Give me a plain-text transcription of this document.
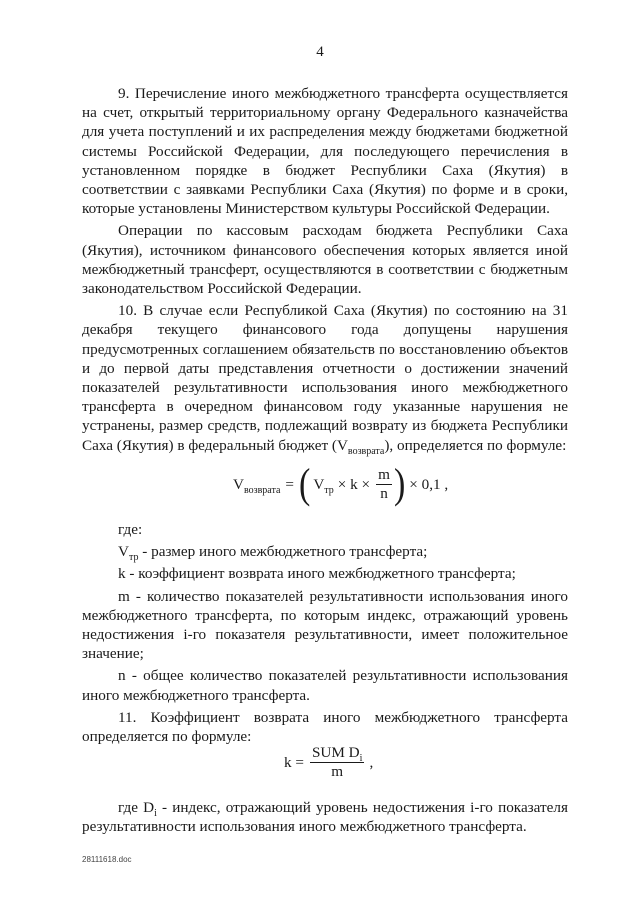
4

9. Перечисление иного межбюджетного трансферта осуществляется на счет, открытый территориальному органу Федерального казначейства для учета поступлений и их распределения между бюджетами бюджетной системы Российской Федерации, для последующего перечисления в установленном порядке в бюджет Республики Саха (Якутия) в соответствии с заявками Республики Саха (Якутия) по форме и в сроки, которые установлены Министерством культуры Российской Федерации.

Операции по кассовым расходам бюджета Республики Саха (Якутия), источником финансового обеспечения которых является иной межбюджетный трансферт, осуществляются в соответствии с бюджетным законодательством Российской Федерации.

10. В случае если Республикой Саха (Якутия) по состоянию на 31 декабря текущего финансового года допущены нарушения предусмотренных соглашением обязательств по восстановлению объектов и до первой даты представления отчетности о достижении значений показателей результативности использования иного межбюджетного трансферта в очередном финансовом году указанные нарушения не устранены, размер средств, подлежащий возврату из бюджета Республики Саха (Якутия) в федеральный бюджет $(V_{возврата})$, определяется по формуле:

$V_{возврата}$ = ( $V_{тр} \times k \times \frac{m}{n}$ ) × 0,1 ,

где:

$V_{тр}$ - размер иного межбюджетного трансферта;

k - коэффициент возврата иного межбюджетного трансферта;

m - количество показателей результативности использования иного межбюджетного трансферта, по которым индекс, отражающий уровень недостижения i-го показателя результативности, имеет положительное значение;

n - общее количество показателей результативности использования иного межбюджетного трансферта.

11. Коэффициент возврата иного межбюджетного трансферта определяется по формуле:

$k = \frac{SUM D_i}{m}$ ,

где $D_i$ - индекс, отражающий уровень недостижения i-го показателя результативности использования иного межбюджетного трансферта.

28111618.doc
